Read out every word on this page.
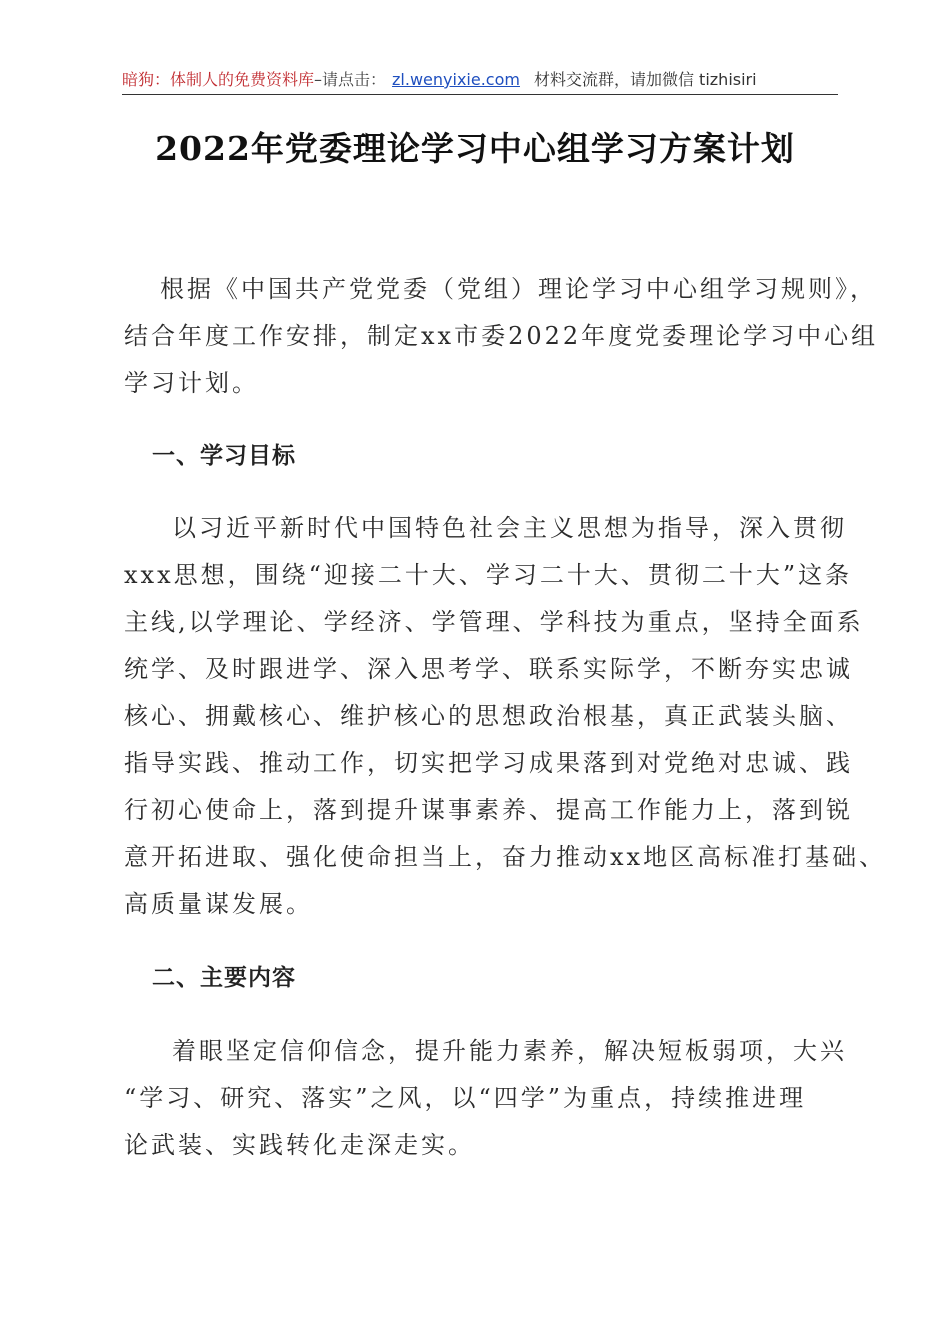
暗狗：体制人的免费资料库–请点击： zl.wenyixie.com 材料交流群，请加微信 tizhisiri
2022年党委理论学习中心组学习方案计划
根据《中国共产党党委（党组）理论学习中心组学习规则》，
结合年度工作安排，制定xx市委2022年度党委理论学习中心组
学习计划。
一、学习目标
以习近平新时代中国特色社会主义思想为指导，深入贯彻
xxx思想，围绕“迎接二十大、学习二十大、贯彻二十大”这条
主线,以学理论、学经济、学管理、学科技为重点，坚持全面系
统学、及时跟进学、深入思考学、联系实际学，不断夯实忠诚
核心、拥戴核心、维护核心的思想政治根基，真正武装头脑、
指导实践、推动工作，切实把学习成果落到对党绝对忠诚、践
行初心使命上，落到提升谋事素养、提高工作能力上，落到锐
意开拓进取、强化使命担当上，奋力推动xx地区高标准打基础、
高质量谋发展。
二、主要内容
着眼坚定信仰信念，提升能力素养，解决短板弱项，大兴
“学习、研究、落实”之风，以“四学”为重点，持续推进理
论武装、实践转化走深走实。
